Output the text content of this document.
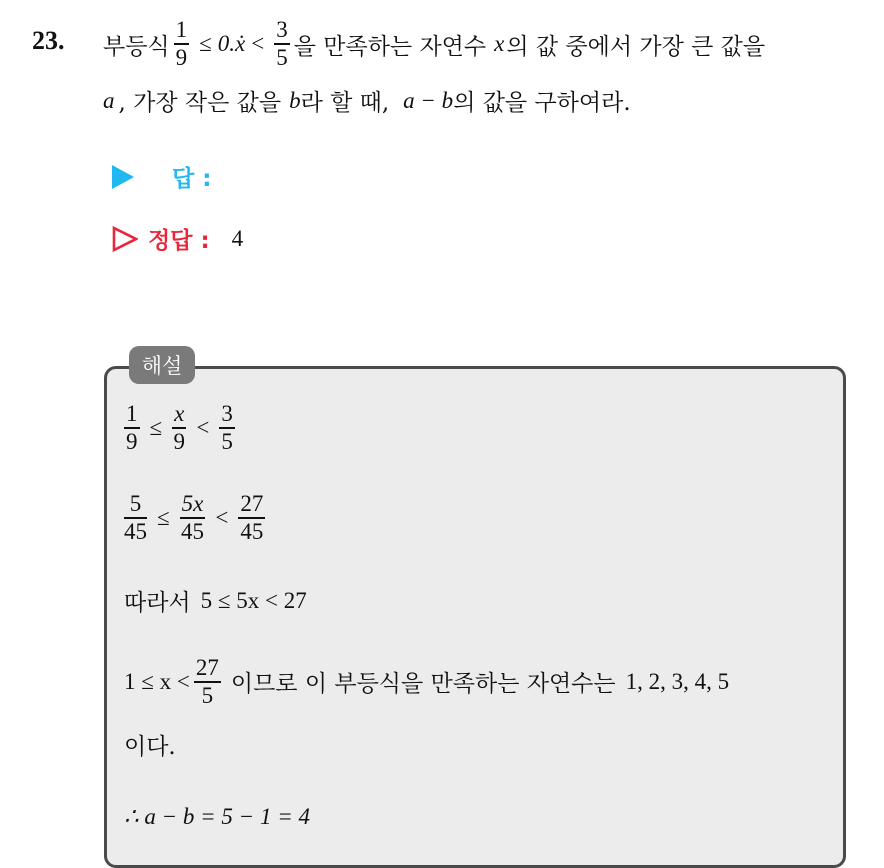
23. 부등식 $\frac{1}{9}$ ≤ 0.ẋ < $\frac{3}{5}$ 을 만족하는 자연수 x 의 값 중에서 가장 큰 값을
a , 가장 작은 값을 b 라 할 때, a − b 의 값을 구하여라.
답 :
정답 : 4
해설
$\frac{1}{9} \le \frac{x}{9} < \frac{3}{5}$
$\frac{5}{45} \le \frac{5x}{45} < \frac{27}{45}$
따라서 5 ≤ 5x < 27
$1 \le x < \frac{27}{5}$ 이므로 이 부등식을 만족하는 자연수는 1, 2, 3, 4, 5
이다.
∴ a − b = 5 − 1 = 4
